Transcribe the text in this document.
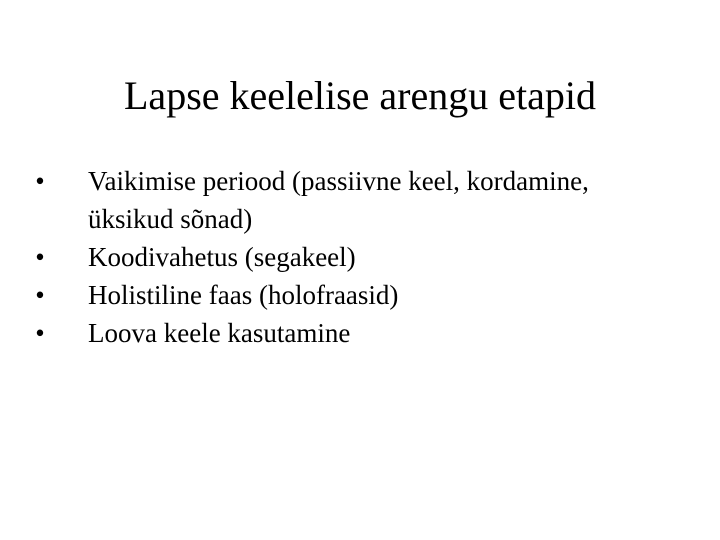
Lapse keelelise arengu etapid
• Vaikimise periood (passiivne keel, kordamine, üksikud sõnad)
• Koodivahetus (segakeel)
• Holistiline faas (holofraasid)
• Loova keele kasutamine
